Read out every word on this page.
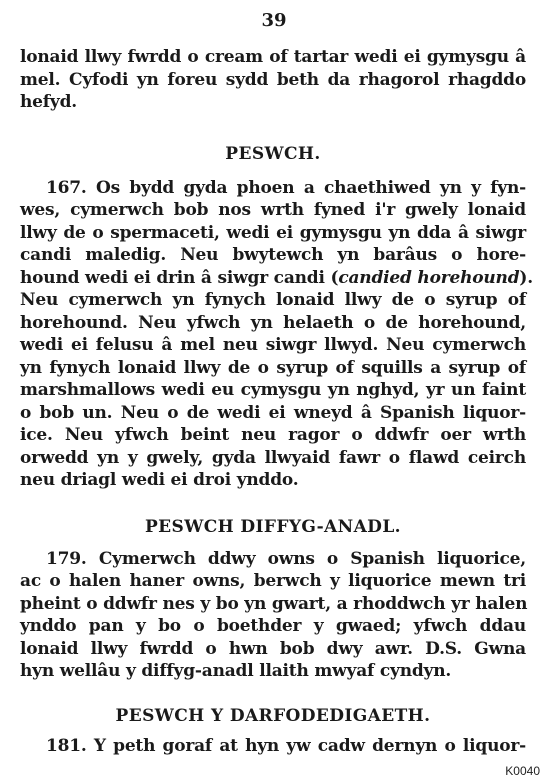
39
lonaid llwy fwrdd o cream of tartar wedi ei gymysgu â
mel. Cyfodi yn foreu sydd beth da rhagorol rhagddo
hefyd.
PESWCH.
167. Os bydd gyda phoen a chaethiwed yn y fyn-
wes, cymerwch bob nos wrth fyned i'r gwely lonaid
llwy de o spermaceti, wedi ei gymysgu yn dda â siwgr
candi maledig. Neu bwytewch yn barâus o hore-
hound wedi ei drin â siwgr candi (candied horehound).
Neu cymerwch yn fynych lonaid llwy de o syrup of
horehound. Neu yfwch yn helaeth o de horehound,
wedi ei felusu â mel neu siwgr llwyd. Neu cymerwch
yn fynych lonaid llwy de o syrup of squills a syrup of
marshmallows wedi eu cymysgu yn nghyd, yr un faint
o bob un. Neu o de wedi ei wneyd â Spanish liquor-
ice. Neu yfwch beint neu ragor o ddwfr oer wrth
orwedd yn y gwely, gyda llwyaid fawr o flawd ceirch
neu driagl wedi ei droi ynddo.
PESWCH DIFFYG-ANADL.
179. Cymerwch ddwy owns o Spanish liquorice,
ac o halen haner owns, berwch y liquorice mewn tri
pheint o ddwfr nes y bo yn gwart, a rhoddwch yr halen
ynddo pan y bo o boethder y gwaed; yfwch ddau
lonaid llwy fwrdd o hwn bob dwy awr. D.S. Gwna
hyn wellâu y diffyg-anadl llaith mwyaf cyndyn.
PESWCH Y DARFODEDIGAETH.
181. Y peth goraf at hyn yw cadw dernyn o liquor-
K0040
